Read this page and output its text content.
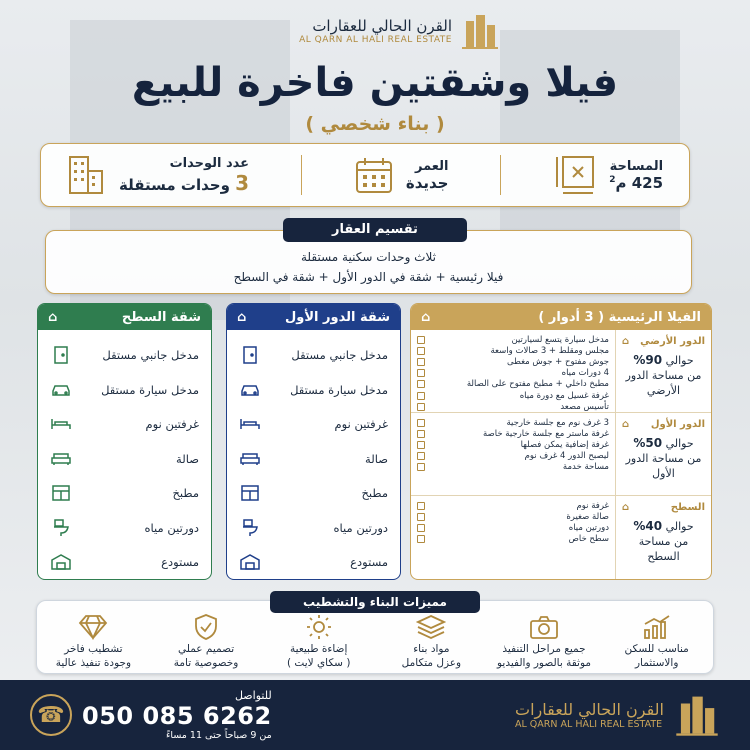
القرن الحالي للعقارات
AL QARN AL HALI REAL ESTATE
فيلا وشقتين فاخرة للبيع
( بناء شخصي )
المساحة
425 م$^2$
العمر
جديدة
عدد الوحدات
3 وحدات مستقلة
ثلاث وحدات سكنية مستقلة
فيلا رئيسية + شقة في الدور الأول + شقة في السطح
تقسيم العقار
الفيلا الرئيسية ( 3 أدوار )
⌂
الدور الأرضي
⌂
حوالي 90%
من مساحة الدور الأرضي
مدخل سيارة يتسع لسيارتين
مجلس ومقلط + 3 صالات واسعة
جوش مفتوح + جوش مغطى
4 دورات مياه
مطبخ داخلي + مطبخ مفتوح على الصالة
غرفة غسيل مع دورة مياه
تأسيس مصعد
الدور الأول
⌂
حوالي 50%
من مساحة الدور الأول
3 غرف نوم مع جلسة خارجية
غرفة ماستر مع جلسة خارجية خاصة
غرفة إضافية يمكن فصلها
ليصبح الدور 4 غرف نوم
مساحة خدمة
السطح
⌂
حوالي 40%
من مساحة السطح
غرفة نوم
صالة صغيرة
دورتين مياه
سطح خاص
شقة الدور الأول
⌂
مدخل جانبي مستقل
مدخل سيارة مستقل
غرفتين نوم
صالة
مطبخ
دورتين مياه
مستودع
شقة السطح
⌂
مدخل جانبي مستقل
مدخل سيارة مستقل
غرفتين نوم
صالة
مطبخ
دورتين مياه
مستودع
مناسب للسكن
والاستثمار
جميع مراحل التنفيذ
موثقة بالصور والفيديو
مواد بناء
وعزل متكامل
إضاءة طبيعية
( سكاي لايت )
تصميم عملي
وخصوصية تامة
تشطيب فاخر
وجودة تنفيذ عالية
مميزات البناء والتشطيب
القرن الحالي للعقارات
AL QARN AL HALI REAL ESTATE
للتواصل
050 085 6262
من 9 صباحاً حتى 11 مساءً
☎
